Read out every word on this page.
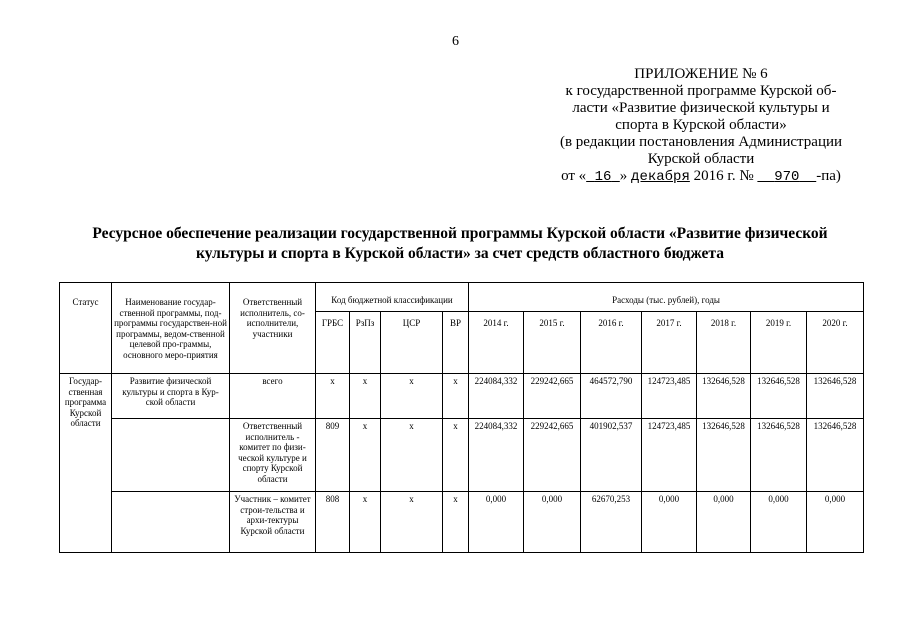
6
ПРИЛОЖЕНИЕ № 6
к государственной программе Курской об-
ласти «Развитие физической культуры и
спорта в Курской области»
(в редакции постановления Администрации
Курской области
от « 16 » декабря 2016 г. № 970 -па)
Ресурсное обеспечение реализации государственной программы Курской области «Развитие физической культуры и спорта в Курской области» за счет средств областного бюджета
Статус	Наименование государ-ственной программы, под-программы государствен-ной программы, ведом-ственной целевой про-граммы, основного меро-приятия	Ответственный исполнитель, со-исполнители, участники	Код бюджетной классификации				Расходы (тыс. рублей), годы						
			ГРБС	РзПз	ЦСР	ВР	2014 г.	2015 г.	2016 г.	2017 г.	2018 г.	2019 г.	2020 г.
Государ-ственная программа Курской области	Развитие физической культуры и спорта в Кур-ской области	всего	x	x	x	x	224084,332	229242,665	464572,790	124723,485	132646,528	132646,528	132646,528
		Ответственный исполнитель - комитет по физи-ческой культуре и спорту Курской области	809	x	x	x	224084,332	229242,665	401902,537	124723,485	132646,528	132646,528	132646,528
		Участник – комитет строи-тельства и архи-тектуры Курской области	808	x	x	x	0,000	0,000	62670,253	0,000	0,000	0,000	0,000
